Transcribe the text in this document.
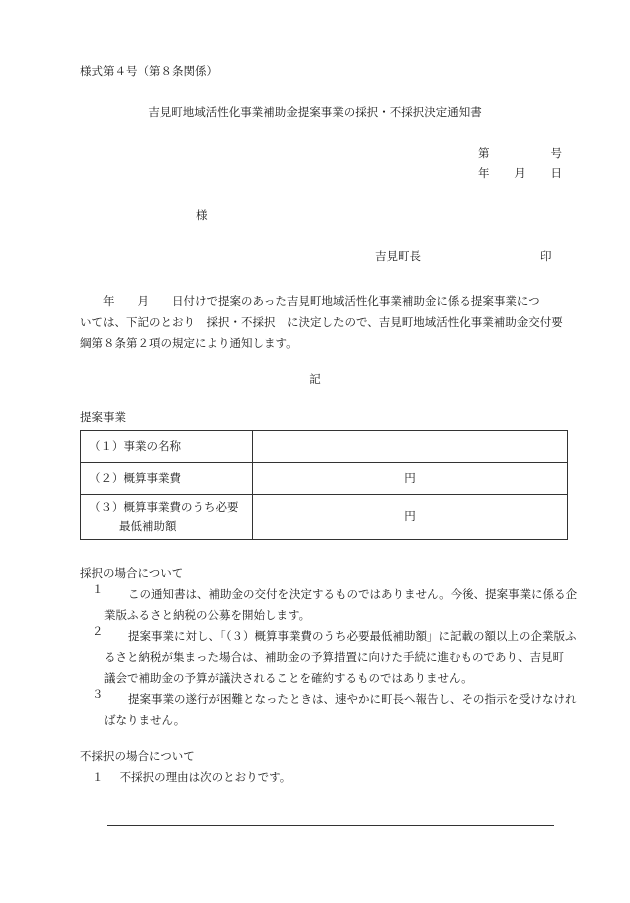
様式第４号（第８条関係）
吉見町地域活性化事業補助金提案事業の採択・不採択決定通知書
第	号
年 月 日
様
吉見町長	印
　　年　　月　　日付けで提案のあった吉見町地域活性化事業補助金に係る提案事業につ
いては、下記のとおり　採択・不採択　に決定したので、吉見町地域活性化事業補助金交付要
綱第８条第２項の規定により通知します。
記
提案事業
（１）事業の名称	
（２）概算事業費	円

（３）概算事業費のうち必要
最低補助額	円
採択の場合について
１ この通知書は、補助金の交付を決定するものではありません。今後、提案事業に係る企
業版ふるさと納税の公募を開始します。
２ 提案事業に対し、「（３）概算事業費のうち必要最低補助額」に記載の額以上の企業版ふ
るさと納税が集まった場合は、補助金の予算措置に向けた手続に進むものであり、吉見町
議会で補助金の予算が議決されることを確約するものではありません。
３ 提案事業の遂行が困難となったときは、速やかに町長へ報告し、その指示を受けなけれ
ばなりません。
不採択の場合について
１ 不採択の理由は次のとおりです。
